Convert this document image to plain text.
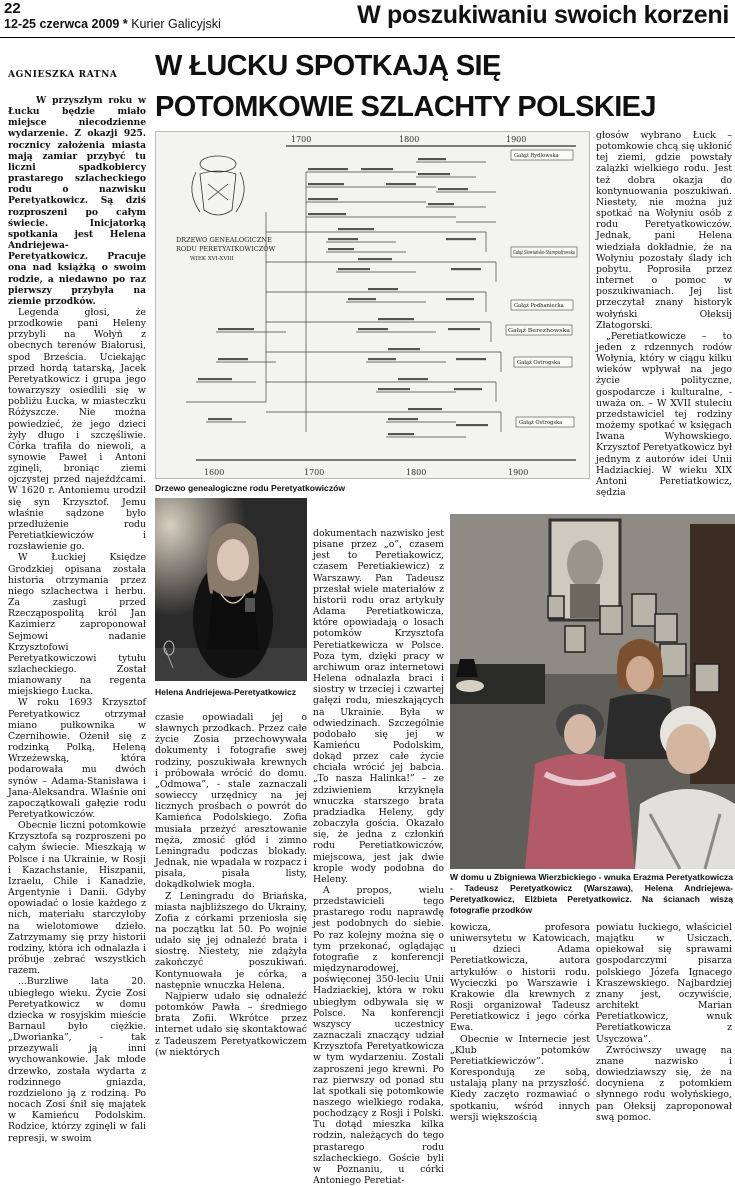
22
12-25 czerwca 2009 * Kurier Galicyjski	W poszukiwaniu swoich korzeni
AGNIESZKA RATNA W ŁUCKU SPOTKAJĄ SIĘ
POTOMKOWIE SZLACHTY POLSKIEJ

W przyszłym roku w Łucku będzie miało miejsce niecodzienne wydarzenie. Z okazji 925. rocznicy założenia miasta mają zamiar przybyć tu liczni spadkobiercy prastarego szlacheckiego rodu o nazwisku Peretyatkowicz. Są dziś rozproszeni po całym świecie. Inicjatorką spotkania jest Helena Andriejewa-Peretyatkowicz. Pracuje ona nad książką o swoim rodzie, a niedawno po raz pierwszy przybyła na ziemie przodków.

Legenda głosi, że przodkowie pani Heleny przybyli na Wołyń z obecnych terenów Białorusi, spod Brześcia. Uciekając przed hordą tatarską, Jacek Peretyatkowicz i grupa jego towarzyszy osiedlili się w pobliżu Łucka, w miasteczku Różyszcze. Nie można powiedzieć, że jego dzieci żyły długo i szczęśliwie. Córka trafiła do niewoli, a synowie Paweł i Antoni zginęli, broniąc ziemi ojczystej przed najeźdźcami. W 1620 r. Antoniemu urodził się syn Krzysztof. Jemu właśnie sądzone było przedłużenie rodu Peretiatkiewiczów i rozsławienie go.

W Łuckiej Księdze Grodzkiej opisana została historia otrzymania przez niego szlachectwa i herbu. Za zasługi przed Rzecząpospolitą król Jan Kazimierz zaproponował Sejmowi nadanie Krzysztofowi Peretyatkowiczowi tytułu szlacheckiego. Został mianowany na regenta miejskiego Łucka.

W roku 1693 Krzysztof Peretyatkowicz otrzymał miano pułkownika w Czernihowie. Ożenił się z rodzinką Polką, Heleną Wrzeżewską, która podarowała mu dwóch synów – Adama-Stanisława i Jana-Aleksandra. Właśnie oni zapoczątkowali gałęzie rodu Peretyatkowiczów.

Obecnie liczni potomkowie Krzysztofa są rozproszeni po całym świecie. Mieszkają w Polsce i na Ukrainie, w Rosji i Kazachstanie, Hiszpanii, Izraelu, Chile i Kanadzie, Argentynie i Danii. Gdyby opowiadać o losie każdego z nich, materiału starczyłoby na wielotomowe dzieło. Zatrzymamy się przy historii rodziny, która ich odnalazła i próbuje zebrać wszystkich razem.

...Burzliwe lata 20. ubiegłego wieku. Życie Zosi Peretyatkowicz w domu dziecka w rosyjskim mieście Barnaul było ciężkie. „Dworianka”, - tak przezywali ją inni wychowankowie. Jak młode drzewko, została wydarta z rodzinnego gniazda, rozdzielono ją z rodziną. Po nocach Zosi śnił się majątek w Kamieńcu Podolskim. Rodzice, którzy zginęli w fali represji, w swoim

1700	1800	1900
1600	1700	1800	1900
DRZEWO GENEALOGICZNE
RODU PERETYATKOWICZÓW
WIEK XVI-XVIII
Gałąź Rydlowska
Gałąź Słowiańsko-Staropiotrowska
Gałąź Podhaniecka
Gałąź Berezhowska
Gałąź Ostrogska
Gałąź Ostrogska
Drzewo genealogiczne rodu Peretyatkowiczów

głosów wybrano Łuck – potomkowie chcą się ukłonić tej ziemi, gdzie powstały zalążki wielkiego rodu. Jest też dobra okazja do kontynuowania poszukiwań. Niestety, nie można już spotkać na Wołyniu osób z rodu Peretyatkowiczów. Jednak, pani Helena wiedziała dokładnie, że na Wołyniu pozostały ślady ich pobytu. Poprosiła przez internet o pomoc w poszukiwaniach. Jej list przeczytał znany historyk wołyński Ołeksij Złatogorski.

„Peretiatkowicze – to jeden z rdzennych rodów Wołynia, który w ciągu kilku wieków wpływał na jego życie polityczne, gospodarcze i kulturalne, - uważa on. – W XVII stuleciu przedstawiciel tej rodziny możemy spotkać w księgach Iwana Wyhowskiego. Krzysztof Peretyatkowicz był jednym z autorów idei Unii Hadziackiej. W wieku XIX Antoni Peretiatkowicz, sędzia

Helena Andriejewa-Peretyatkowicz

czasie opowiadali jej o sławnych przodkach. Przez całe życie Zosia przechowywała dokumenty i fotografie swej rodziny, poszukiwała krewnych i próbowała wrócić do domu. „Odmowa”, - stale zaznaczali sowieccy urzędnicy na jej licznych prośbach o powrót do Kamieńca Podolskiego. Zofia musiała przeżyć aresztowanie męża, zmosić głód i zimno Leningradu podczas blokady. Jednak, nie wpadała w rozpacz i pisała, pisała listy, dokądkolwiek mogła.

Z Leningradu do Briańska, miasta najbliższego do Ukrainy, Zofia z córkami przeniosła się na początku lat 50. Po wojnie udało się jej odnaleźć brata i siostrę. Niestety, nie zdążyła zakończyć poszukiwań. Kontynuowała je córka, a następnie wnuczka Helena.

Najpierw udało się odnaleźć potomków Pawła – średniego brata Zofii. Wkrótce przez internet udało się skontaktować z Tadeuszem Peretyatkowiczem (w niektórych

dokumentach nazwisko jest pisane przez „o”, czasem jest to Peretiakowicz, czasem Peretiakiewicz) z Warszawy. Pan Tadeusz przesłał wiele materiałów z historii rodu oraz artykuły Adama Peretiatkowicza, które opowiadają o losach potomków Krzysztofa Peretiatkewicza w Polsce. Poza tym, dzięki pracy w archiwum oraz internetowi Helena odnalazła braci i siostry w trzeciej i czwartej gałęzi rodu, mieszkających na Ukrainie. Była w odwiedzinach. Szczególnie podobało się jej w Kamieńcu Podolskim, dokąd przez całe życie chciała wrócić jej babcia. „To nasza Halinka!” – ze zdziwieniem krzyknęła wnuczka starszego brata pradziadka Heleny, gdy zobaczyła gościa. Okazało się, że jedna z członkiń rodu Peretiatkowiczów, miejscowa, jest jak dwie krople wody podobna do Heleny.

A propos, wielu przedstawicieli tego prastarego rodu naprawdę jest podobnych do siebie. Po raz kolejny można się o tym przekonać, oglądając fotografie z konferencji międzynarodowej, poświęconej 350-leciu Unii Hadziackiej, która w roku ubiegłym odbywała się w Polsce. Na konferencji wszyscy uczestnicy zaznaczali znaczący udział Krzysztofa Peretyatkowicza w tym wydarzeniu. Zostali zaproszeni jego krewni. Po raz pierwszy od ponad stu lat spotkali się potomkowie naszego wielkiego rodaka, pochodzący z Rosji i Polski. Tu dotąd mieszka kilka rodzin, należących do tego prastarego rodu szlacheckiego. Goście byli w Poznaniu, u córki Antoniego Peretiat-

W domu u Zbigniewa Wierzbickiego - wnuka Erazma Peretyatkowicza - Tadeusz Peretyatkowicz (Warszawa), Helena Andriejewa-Peretyatkowicz, Elżbieta Peretyatkowicz. Na ścianach wiszą fotografie przodków

kowicza, profesora uniwersytetu w Katowicach, u dzieci Adama Peretiatkowicza, autora artykułów o historii rodu. Wycieczki po Warszawie i Krakowie dla krewnych z Rosji organizował Tadeusz Peretiatkowicz i jego córka Ewa.

Obecnie w Internecie jest „Klub potomków Peretiatkiewiczów”. Korespondują ze sobą, ustalają plany na przyszłość. Kiedy zaczęto rozmawiać o spotkaniu, wśród innych wersji większością

powiatu łuckiego, właściciel majątku w Usiczach, opiekował się sprawami gospodarczymi pisarza polskiego Józefa Ignacego Kraszewskiego. Najbardziej znany jest, oczywiście, architekt Marian Peretiatkowicz, wnuk Peretiatkowicza z Usyczowa”.

Zwróciwszy uwagę na znane nazwisko i dowiedziawszy się, że na docyniena z potomkiem słynnego rodu wołyńskiego, pan Ołeksij zaproponował swą pomoc.
